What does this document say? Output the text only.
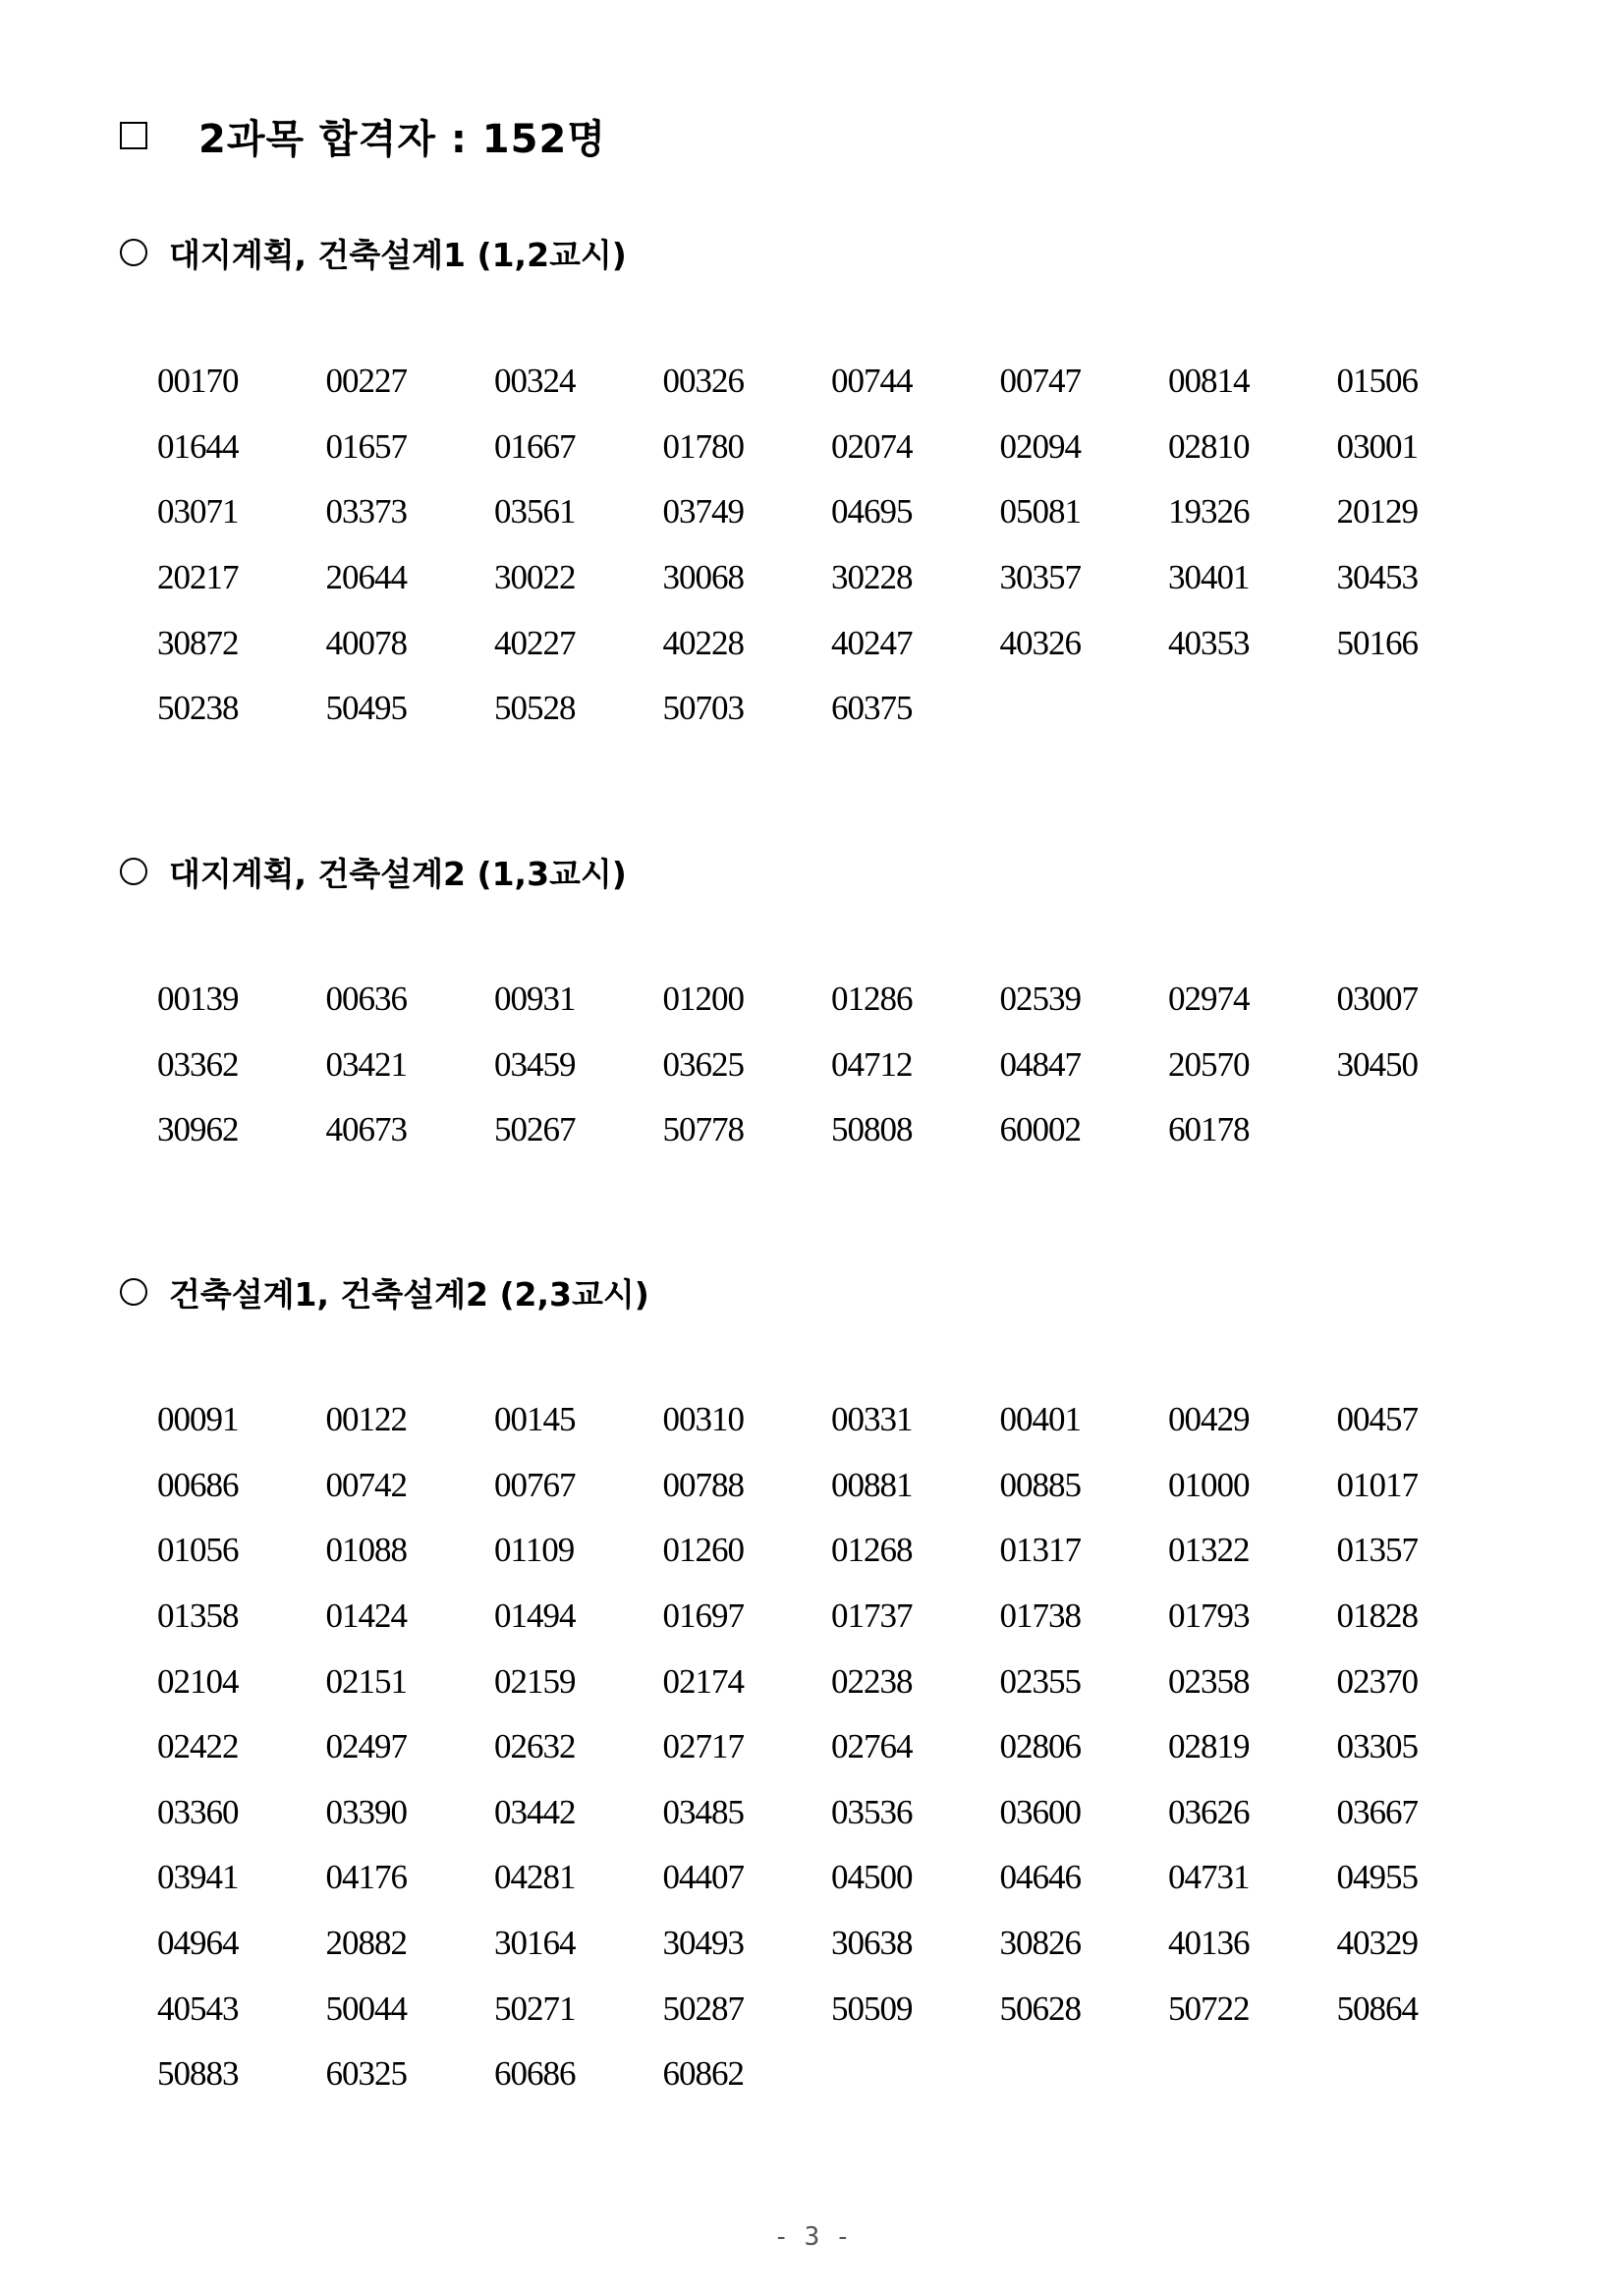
2과목 합격자 : 152명
대지계획, 건축설계1 (1,2교시)
00170	00227	00324	00326	00744	00747	00814	01506
01644	01657	01667	01780	02074	02094	02810	03001
03071	03373	03561	03749	04695	05081	19326	20129
20217	20644	30022	30068	30228	30357	30401	30453
30872	40078	40227	40228	40247	40326	40353	50166
50238	50495	50528	50703	60375
대지계획, 건축설계2 (1,3교시)
00139	00636	00931	01200	01286	02539	02974	03007
03362	03421	03459	03625	04712	04847	20570	30450
30962	40673	50267	50778	50808	60002	60178
건축설계1, 건축설계2 (2,3교시)
00091	00122	00145	00310	00331	00401	00429	00457
00686	00742	00767	00788	00881	00885	01000	01017
01056	01088	01109	01260	01268	01317	01322	01357
01358	01424	01494	01697	01737	01738	01793	01828
02104	02151	02159	02174	02238	02355	02358	02370
02422	02497	02632	02717	02764	02806	02819	03305
03360	03390	03442	03485	03536	03600	03626	03667
03941	04176	04281	04407	04500	04646	04731	04955
04964	20882	30164	30493	30638	30826	40136	40329
40543	50044	50271	50287	50509	50628	50722	50864
50883	60325	60686	60862
- 3 -
